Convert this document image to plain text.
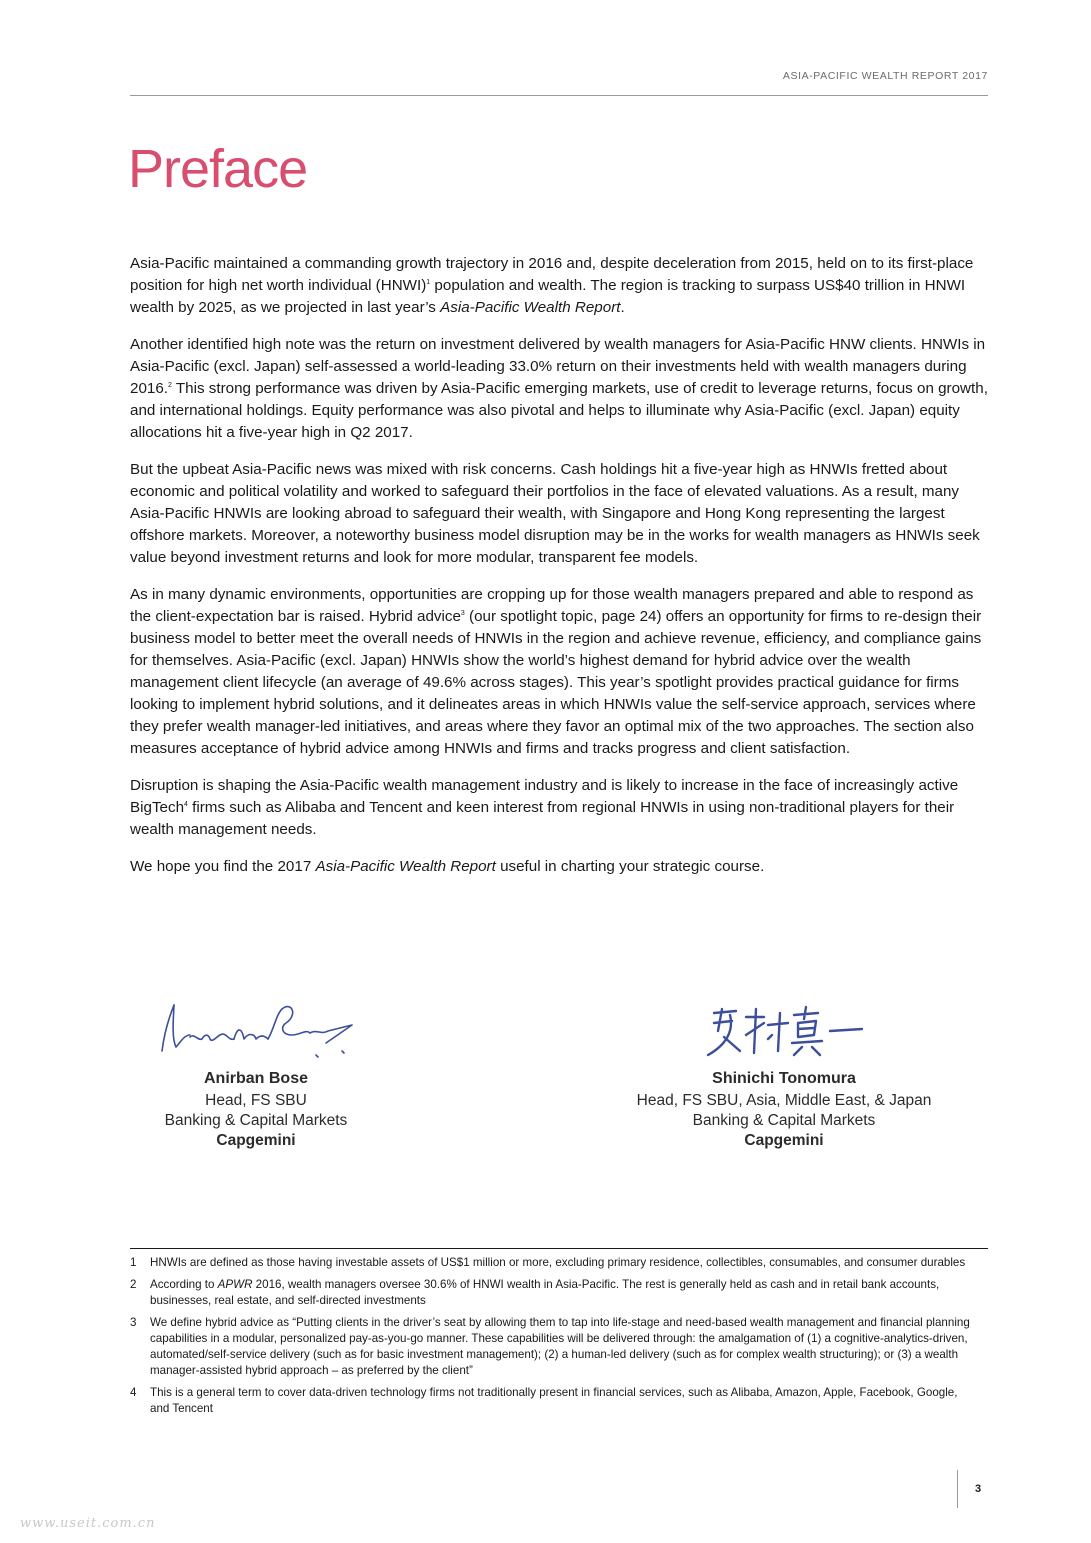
ASIA-PACIFIC WEALTH REPORT 2017
Preface

Asia-Pacific maintained a commanding growth trajectory in 2016 and, despite deceleration from 2015, held on to its first-place position for high net worth individual (HNWI)$^1$ population and wealth. The region is tracking to surpass US$40 trillion in HNWI wealth by 2025, as we projected in last year’s Asia-Pacific Wealth Report.

Another identified high note was the return on investment delivered by wealth managers for Asia-Pacific HNW clients. HNWIs in Asia-Pacific (excl. Japan) self-assessed a world-leading 33.0% return on their investments held with wealth managers during 2016.$^2$ This strong performance was driven by Asia-Pacific emerging markets, use of credit to leverage returns, focus on growth, and international holdings. Equity performance was also pivotal and helps to illuminate why Asia-Pacific (excl. Japan) equity allocations hit a five-year high in Q2 2017.

But the upbeat Asia-Pacific news was mixed with risk concerns. Cash holdings hit a five-year high as HNWIs fretted about economic and political volatility and worked to safeguard their portfolios in the face of elevated valuations. As a result, many Asia-Pacific HNWIs are looking abroad to safeguard their wealth, with Singapore and Hong Kong representing the largest offshore markets. Moreover, a noteworthy business model disruption may be in the works for wealth managers as HNWIs seek value beyond investment returns and look for more modular, transparent fee models.

As in many dynamic environments, opportunities are cropping up for those wealth managers prepared and able to respond as the client-expectation bar is raised. Hybrid advice$^3$ (our spotlight topic, page 24) offers an opportunity for firms to re-design their business model to better meet the overall needs of HNWIs in the region and achieve revenue, efficiency, and compliance gains for themselves. Asia-Pacific (excl. Japan) HNWIs show the world’s highest demand for hybrid advice over the wealth management client lifecycle (an average of 49.6% across stages). This year’s spotlight provides practical guidance for firms looking to implement hybrid solutions, and it delineates areas in which HNWIs value the self-service approach, services where they prefer wealth manager-led initiatives, and areas where they favor an optimal mix of the two approaches. The section also measures acceptance of hybrid advice among HNWIs and firms and tracks progress and client satisfaction.

Disruption is shaping the Asia-Pacific wealth management industry and is likely to increase in the face of increasingly active BigTech$^4$ firms such as Alibaba and Tencent and keen interest from regional HNWIs in using non-traditional players for their wealth management needs.

We hope you find the 2017 Asia-Pacific Wealth Report useful in charting your strategic course.

Anirban Bose
Head, FS SBU
Banking & Capital Markets
Capgemini
Shinichi Tonomura
Head, FS SBU, Asia, Middle East, & Japan
Banking & Capital Markets
Capgemini
1	HNWIs are defined as those having investable assets of US$1 million or more, excluding primary residence, collectibles, consumables, and consumer durables
2	According to APWR 2016, wealth managers oversee 30.6% of HNWI wealth in Asia-Pacific. The rest is generally held as cash and in retail bank accounts, businesses, real estate, and self-directed investments
3	We define hybrid advice as “Putting clients in the driver’s seat by allowing them to tap into life-stage and need-based wealth management and financial planning capabilities in a modular, personalized pay-as-you-go manner. These capabilities will be delivered through: the amalgamation of (1) a cognitive-analytics-driven, automated/self-service delivery (such as for basic investment management); (2) a human-led delivery (such as for complex wealth structuring); or (3) a wealth manager-assisted hybrid approach – as preferred by the client”
4	This is a general term to cover data-driven technology firms not traditionally present in financial services, such as Alibaba, Amazon, Apple, Facebook, Google, and Tencent
3
www.useit.com.cn
